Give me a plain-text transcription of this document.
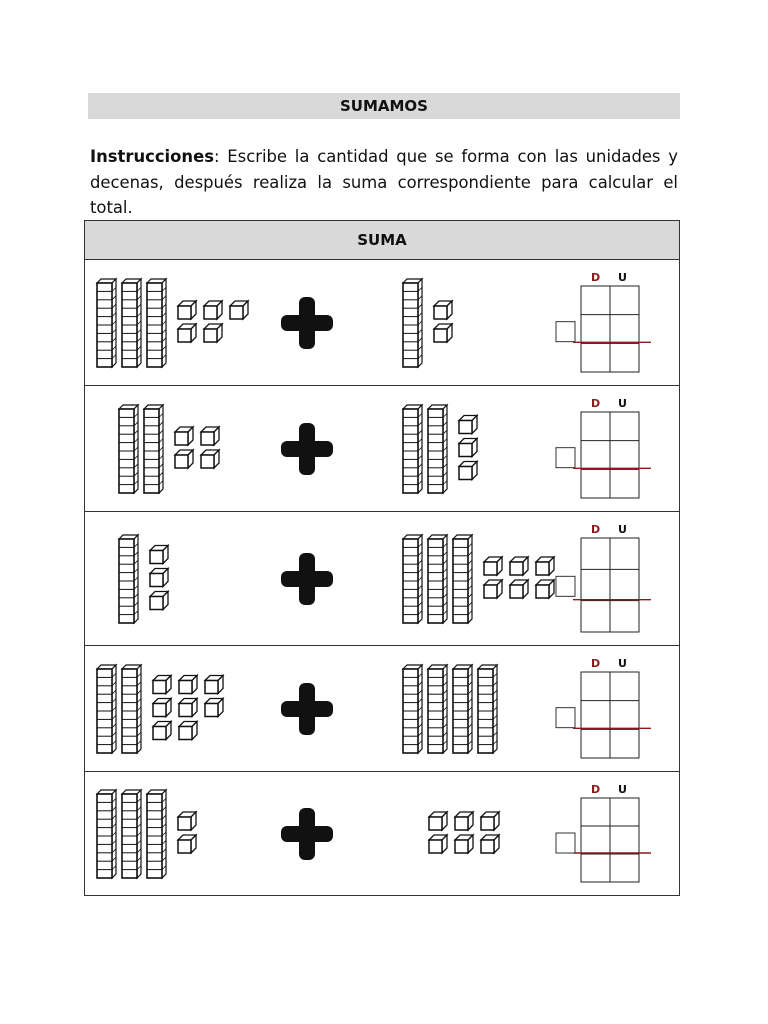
SUMAMOS
Instrucciones: Escribe la cantidad que se forma con las unidades y decenas, después realiza la suma correspondiente para calcular el total.
SUMA
D U
D U
D U
D U
D U
